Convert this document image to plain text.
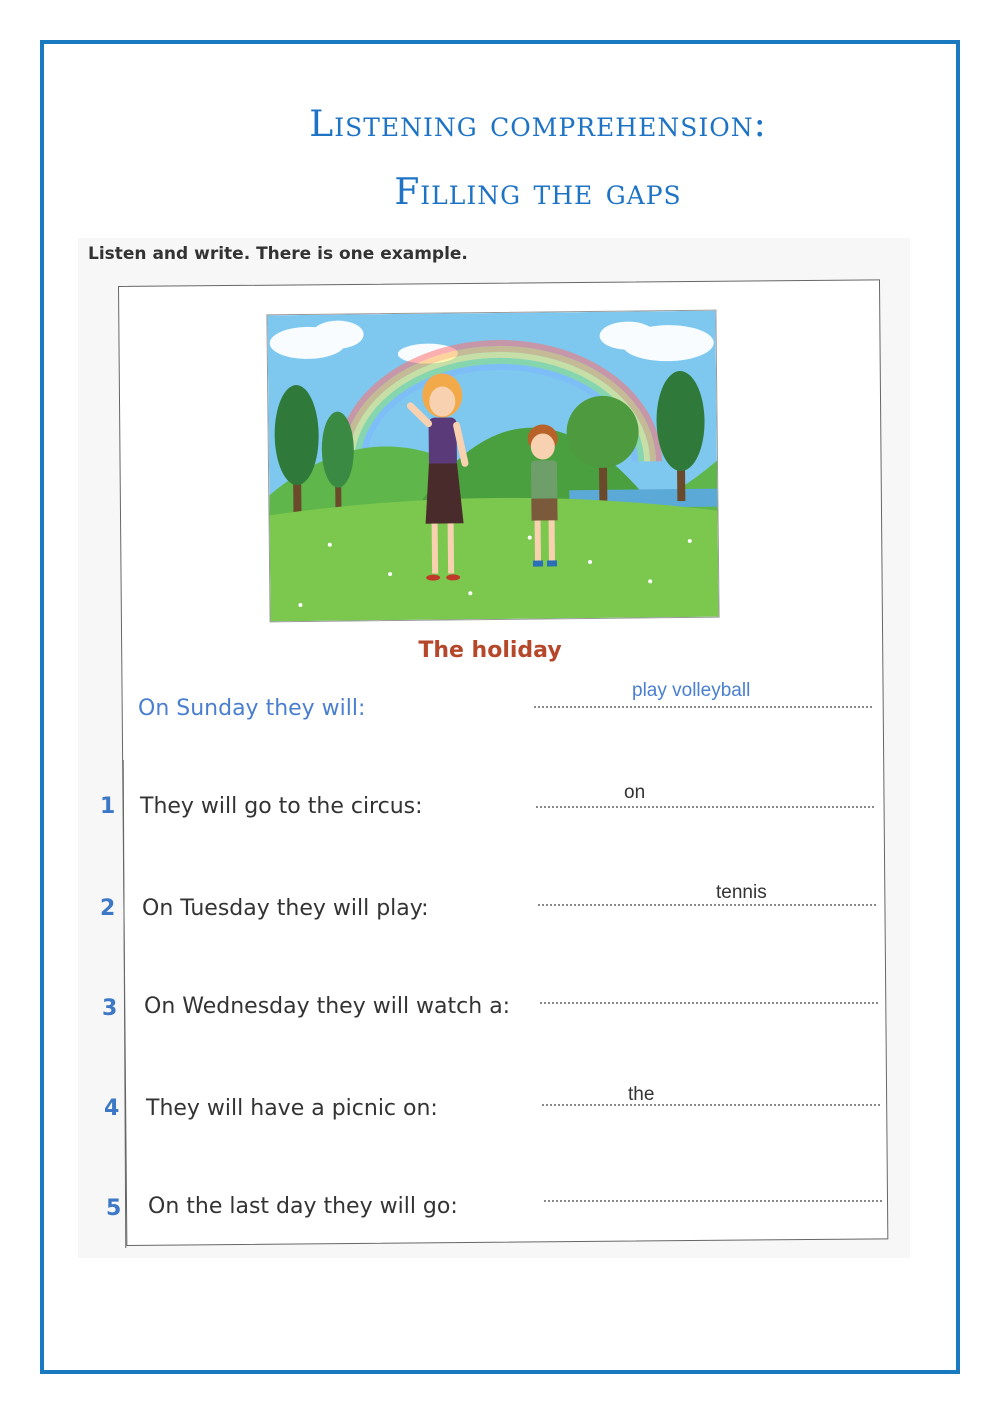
Listening comprehension:
Filling the gaps
Listen and write. There is one example.
The holiday
On Sunday they will:
play volleyball
1 They will go to the circus:
on
2 On Tuesday they will play:
tennis
3 On Wednesday they will watch a:
4 They will have a picnic on:
the
5 On the last day they will go:
